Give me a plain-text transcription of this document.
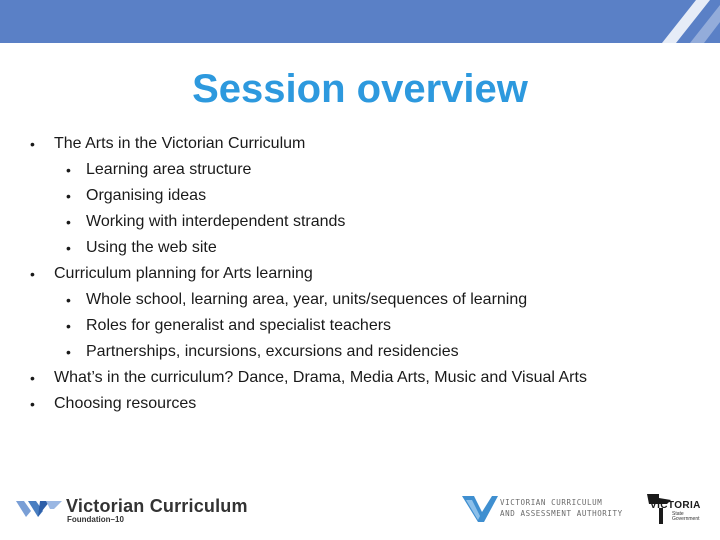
Session overview
• The Arts in the Victorian Curriculum
• Learning area structure
• Organising ideas
• Working with interdependent strands
• Using the web site
• Curriculum planning for Arts learning
• Whole school, learning area, year, units/sequences of learning
• Roles for generalist and specialist teachers
• Partnerships, incursions, excursions and residencies
• What’s in the curriculum? Dance, Drama, Media Arts, Music and Visual Arts
• Choosing resources
Victorian Curriculum
Foundation–10
VICTORIAN CURRICULUM
AND ASSESSMENT AUTHORITY
VICTORIA
State
Government
